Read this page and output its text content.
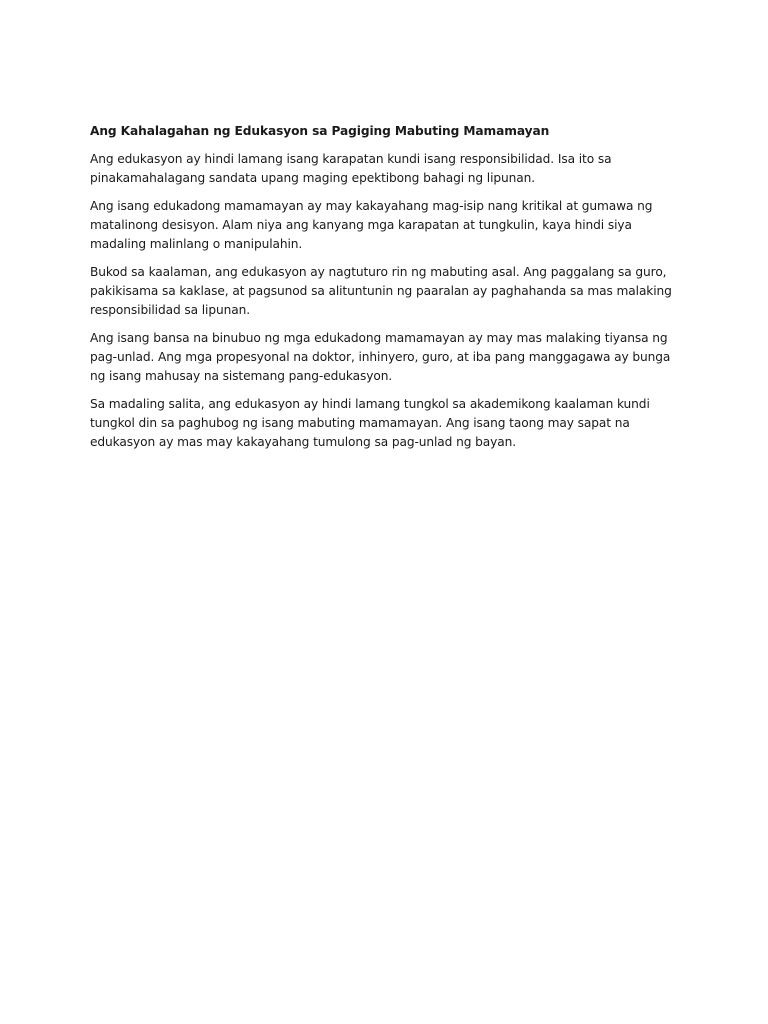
Ang Kahalagahan ng Edukasyon sa Pagiging Mabuting Mamamayan

Ang edukasyon ay hindi lamang isang karapatan kundi isang responsibilidad. Isa ito sa pinakamahalagang sandata upang maging epektibong bahagi ng lipunan.

Ang isang edukadong mamamayan ay may kakayahang mag-isip nang kritikal at gumawa ng matalinong desisyon. Alam niya ang kanyang mga karapatan at tungkulin, kaya hindi siya madaling malinlang o manipulahin.

Bukod sa kaalaman, ang edukasyon ay nagtuturo rin ng mabuting asal. Ang paggalang sa guro, pakikisama sa kaklase, at pagsunod sa alituntunin ng paaralan ay paghahanda sa mas malaking responsibilidad sa lipunan.

Ang isang bansa na binubuo ng mga edukadong mamamayan ay may mas malaking tiyansa ng pag-unlad. Ang mga propesyonal na doktor, inhinyero, guro, at iba pang manggagawa ay bunga ng isang mahusay na sistemang pang-edukasyon.

Sa madaling salita, ang edukasyon ay hindi lamang tungkol sa akademikong kaalaman kundi tungkol din sa paghubog ng isang mabuting mamamayan. Ang isang taong may sapat na edukasyon ay mas may kakayahang tumulong sa pag-unlad ng bayan.
